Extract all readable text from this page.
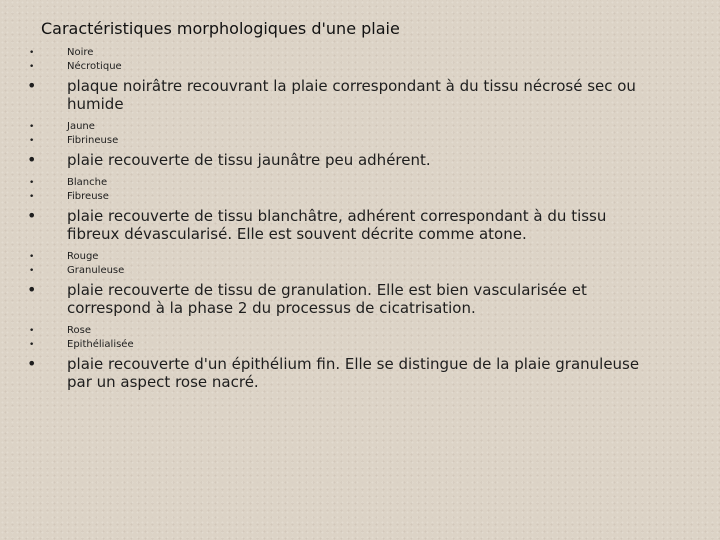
Caractéristiques morphologiques d'une plaie
•	Noire
•	Nécrotique
•	plaque noirâtre recouvrant la plaie correspondant à du tissu nécrosé sec ou humide
•	Jaune
•	Fibrineuse
•	plaie recouverte de tissu jaunâtre peu adhérent.
•	Blanche
•	Fibreuse
•	plaie recouverte de tissu blanchâtre, adhérent correspondant à du tissu fibreux dévascularisé. Elle est souvent décrite comme atone.
•	Rouge
•	Granuleuse
•	plaie recouverte de tissu de granulation. Elle est bien vascularisée et correspond à la phase 2 du processus de cicatrisation.
•	Rose
•	Epithélialisée
•	plaie recouverte d'un épithélium fin. Elle se distingue de la plaie granuleuse par un aspect rose nacré.
